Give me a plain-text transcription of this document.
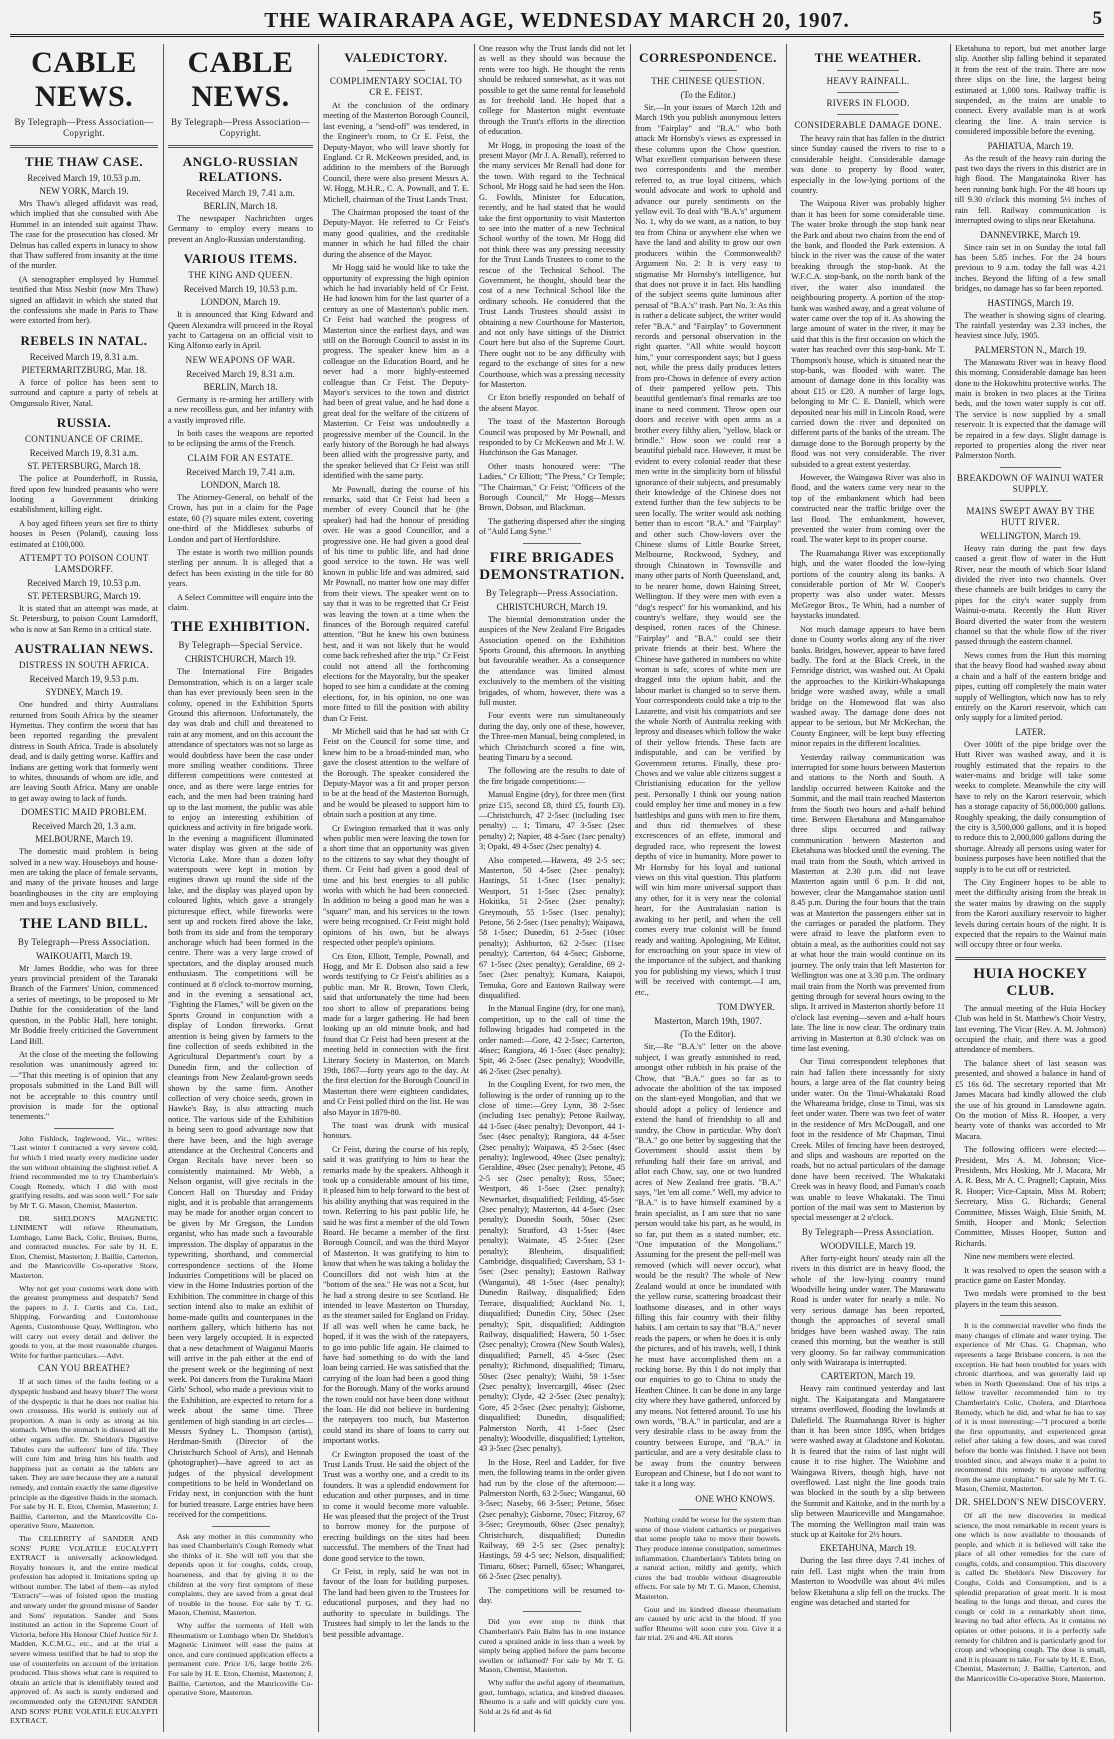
THE WAIRARAPA AGE, WEDNESDAY MARCH 20, 1907.	5
CABLE NEWS.
By Telegraph—Press Association—Copyright.
THE THAW CASE.
Received March 19, 10.53 p.m.
NEW YORK, March 19.

Mrs Thaw's alleged affidavit was read, which implied that she consulted with Abe Hummel in an intended suit against Thaw. The case for the prosecution has closed. Mr Delmas has called experts in lunacy to show that Thaw suffered from insanity at the time of the murder.

(A stenographer employed by Hummel testified that Miss Nesbit (now Mrs Thaw) signed an affidavit in which she stated that the confessions she made in Paris to Thaw were extorted from her).

REBELS IN NATAL.
Received March 19, 8.31 a.m.
PIETERMARITZBURG, Mar. 18.

A force of police has been sent to surround and capture a party of rebels at Omgunsulo River, Natal.

RUSSIA.
CONTINUANCE OF CRIME.
Received March 19, 8.31 a.m.
ST. PETERSBURG, March 18.

The police at Pounderhoff, in Russia, fired upon few hundred peasants who were looting a Government drinking establishment, killing eight.

A boy aged fifteen years set fire to thirty houses in Pesen (Poland), causing loss estimated at £100,000.

ATTEMPT TO POISON COUNT LAMSDORFF.
Received March 19, 10.53 p.m.
ST. PETERSBURG, March 19.

It is stated that an attempt was made, at St. Petersburg, to poison Count Lamsdorff, who is now at San Remo in a critical state.

AUSTRALIAN NEWS.
DISTRESS IN SOUTH AFRICA.
Received March 19, 9.53 p.m.
SYDNEY, March 19.

One hundred and thirty Australians returned from South Africa by the steamer Hymettus. They confirm the worst that has been reported regarding the prevalent distress in South Africa. Trade is absolutely dead, and is daily getting worse. Kaffirs and Indians are getting work that formerly went to whites, thousands of whom are idle, and are leaving South Africa. Many are unable to get away owing to lack of funds.

DOMESTIC MAID PROBLEM.
Received March 20, 1.3 a.m.
MELBOURNE, March 19.

The domestic maid problem is being solved in a new way. Houseboys and house-men are taking the place of female servants, and many of the private houses and large boardinghouses in the city are employing men and boys exclusively.

THE LAND BILL.
By Telegraph—Press Association.
WAIKOUAITI, March 19.

Mr James Boddie, who was for three years provincial president of the Taranaki Branch of the Farmers' Union, commenced a series of meetings, to be proposed to Mr Duthie for the consideration of the land question, in the Public Hall, here tonight. Mr Boddie freely criticised the Government Land Bill.

At the close of the meeting the following resolution was unanimously agreed to:—"That this meeting is of opinion that any proposals submitted in the Land Bill will not be acceptable to this country until provision is made for the optional tenements."

John Fishlock, Inglewood, Vic., writes: "Last winter I contracted a very severe cold, for which I tried nearly every medicine under the sun without obtaining the slightest relief. A friend recommended me to try Chamberlain's Cough Remedy, which I did with most gratifying results, and was soon well." For sale by Mr T. G. Mason, Chemist, Masterton.

DR. SHELDON'S MAGNETIC LINIMENT will relieve Rheumatism, Lumbago, Lame Back, Colic, Bruises, Burns, and contracted muscles. For sale by H. E. Eton, Chemist, Masterton; J. Baillie, Carterton, and the Manricoville Co-operative Store, Masterton.

Why not get your customs work done with the greatest promptness and despatch? Send the papers to J. J. Curtis and Co. Ltd., Shipping, Forwarding and Customhouse Agents, Customhouse Quay, Wellington, who will carry out every detail and deliver the goods to you, at the most reasonable charges. Write for further particulars.—Advt.

CAN YOU BREATHE?

If at such times of the faults feeling or a dyspeptic husband and heavy bluer? The worst of the dyspeptic is that he does not realise his own crossness. His world is entirely out of proportion. A man is only as strong as his stomach. When the stomach is diseased all the other organs suffer. Dr. Sheldon's Digestive Tabules cure the sufferers' lure of life. They will cure him and bring him his health and happiness just as certain as the tablets are taken. They are sure because they are a natural remedy, and contain exactly the same digestive principle as the digestive fluids in the stomach. For sale by H. E. Eton, Chemist, Masterton; J. Baillie, Carterton, and the Manricoville Co-operative Store, Masterton.

The CELEBRITY of SANDER AND SONS' PURE VOLATILE EUCALYPTI EXTRACT is universally acknowledged. Royalty honours it, and the entire medical profession has adopted it. Imitations spring up without number. The label of them—as styled "Extracts"—was of foisted upon the trusting and unwary under the ground misuse of Sander and Sons' reputation. Sander and Sons instituted an action in the Supreme Court of Victoria, before His Honour Chief Justice Sir J. Madden, K.C.M.G., etc., and at the trial a severe witness testified that he had to stop the use of counterfeits on account of the irritation produced. Thus shows what care is required to obtain an article that is identifiably tested and approved of. As such is surely endorsed and recommended only the GENUINE SANDER AND SONS' PURE VOLATILE EUCALYPTI EXTRACT.

CABLE NEWS.
By Telegraph—Press Association—Copyright.
ANGLO-RUSSIAN RELATIONS.
Received March 19, 7.41 a.m.
BERLIN, March 18.

The newspaper Nachrichten urges Germany to employ every means to prevent an Anglo-Russian understanding.

VARIOUS ITEMS.
THE KING AND QUEEN.
Received March 19, 10.53 p.m.
LONDON, March 19.

It is announced that King Edward and Queen Alexandra will proceed in the Royal yacht to Cartagena on an official visit to King Alfonso early in April.

NEW WEAPONS OF WAR.
Received March 19, 8.31 a.m.
BERLIN, March 18.

Germany is re-arming her artillery with a new recoilless gun, and her infantry with a vastly improved rifle.

In both cases the weapons are reported to be eclipsing the arms of the French.

CLAIM FOR AN ESTATE.
Received March 19, 7.41 a.m.
LONDON, March 18.

The Attorney-General, on behalf of the Crown, has put in a claim for the Page estate, 60 (?) square miles extent, covering one-third of the Middlesex suburbs of London and part of Hertfordshire.

The estate is worth two million pounds sterling per annum. It is alleged that a defect has been existing in the title for 80 years.

A Select Committee will enquire into the claim.

THE EXHIBITION.
By Telegraph—Special Service.
CHRISTCHURCH, March 19.

The International Fire Brigades Demonstration, which is on a larger scale than has ever previously been seen in the colony, opened in the Exhibition Sports Ground this afternoon. Unfortunately, the day was drab and chill and threatened to rain at any moment, and on this account the attendance of spectators was not so large as would doubtless have been the case under more smiling weather conditions. Three different competitions were contested at once, and as there were large entries for each, and the men had been training hard up to the last moment, the public was able to enjoy an interesting exhibition of quickness and activity in fire brigade work. In the evening a magnificent illuminated water display was given at the side of Victoria Lake. More than a dozen lofty waterspouts were kept in motion by engines drawn up round the side of the lake, and the display was played upon by coloured lights, which gave a strangely picturesque effect, while fireworks were sent up and rockets fired above the lake, both from its side and from the temporary anchorage which had been formed in the centre. There was a very large crowd of spectators, and the display aroused much enthusiasm. The competitions will be continued at 8 o'clock to-morrow morning, and in the evening a sensational act, "Fighting the Flames," will be given on the Sports Ground in conjunction with a display of London fireworks. Great attention is being given by farmers to the fine collection of seeds exhibited in the Agricultural Department's court by a Dunedin firm, and the collection of cleanings from New Zealand-grown seeds shown by the same firm. Another collection of very choice seeds, grown in Hawke's Bay, is also attracting much notice. The various side of the Exhibition is being seen to good advantage now that there have been, and the high average attendance at the Orchestral Concerts and Organ Recitals have never been so consistently maintained. Mr Webb, a Nelson organist, will give recitals in the Concert Hall on Thursday and Friday night, and it is probable that arrangements may be made for another organ concert to be given by Mr Gregson, the London organist, who has made such a favourable impression. The display of apparatus in the typewriting, shorthand, and commercial correspondence sections of the Home Industries Competitions will be placed on view in the Home Industries portion of the Exhibition. The committee in charge of this section intend also to make an exhibit of home-made quilts and counterpanes in the northern gallery, which hitherto has not been very largely occupied. It is expected that a new detachment of Waiganui Maoris will arrive in the pah either at the end of the present week or the beginning of next week. Poi dancers from the Turakina Maori Girls' School, who made a previous visit to the Exhibition, are expected to return for a week about the same time. Three gentlemen of high standing in art circles—Messrs Sydney L. Thompson (artist), Herdman-Smith (Director of the Christchurch School of Arts), and Hennah (photographer)—have agreed to act as judges of the physical development competitions to be held in Wonderland on Friday next, in conjunction with the hunt for buried treasure. Large entries have been received for the competitions.

Ask any mother in this community who has used Chamberlain's Cough Remedy what she thinks of it. She will tell you that she depends upon it for coughs, colds, croup, hoarseness, and that by giving it to the children at the very first symptom of these complaints, they are saved from a great deal of trouble in the house. For sale by T. G. Mason, Chemist, Masterton.

Why suffer the torments of Hell with Rheumatism or Lumbago when Dr. Sheldon's Magnetic Liniment will ease the pains at once, and cure continued application effects a permanent cure. Price 1/6, large bottle 2/6. For sale by H. E. Eton, Chemist, Masterton; J. Baillie, Carterton, and the Manricoville Co-operative Store, Masterton.

VALEDICTORY.
COMPLIMENTARY SOCIAL TO CR E. FEIST.

At the conclusion of the ordinary meeting of the Masterton Borough Council, last evening, a "send-off" was tendered, in the Engineer's room, to Cr E. Feist, the Deputy-Mayor, who will leave shortly for England. Cr R. McKeown presided, and, in addition to the members of the Borough Council, there were also present Messrs A. W. Hogg, M.H.R., C. A. Pownall, and T. E. Michell, chairman of the Trust Lands Trust.

The Chairman proposed the toast of the Deputy-Mayor. He referred to Cr Feist's many good qualities, and the creditable manner in which he had filled the chair during the absence of the Mayor.

Mr Hogg said he would like to take the opportunity of expressing the high opinion which he had invariably held of Cr Feist. He had known him for the last quarter of a century as one of Masterton's public men. Cr Feist had watched the progress of Masterton since the earliest days, and was still on the Borough Council to assist in its progress. The speaker knew him as a colleague on the Education Board, and he never had a more highly-esteemed colleague than Cr Feist. The Deputy-Mayor's services to the town and district had been of great value, and he had done a great deal for the welfare of the citizens of Masterton. Cr Feist was undoubtedly a progressive member of the Council. In the early history of the Borough he had always been allied with the progressive party, and the speaker believed that Cr Feist was still identified with the same party.

Mr Pownall, during the course of his remarks, said that Cr Feist had been a member of every Council that he (the speaker) had had the honour of presiding over. He was a good Councillor, and a progressive one. He had given a good deal of his time to public life, and had done good service to the town. He was well known in public life and was admired, said Mr Pownall, no matter how one may differ from their views. The speaker went on to say that it was to be regretted that Cr Feist was leaving the town at a time when the finances of the Borough required careful attention. "But he knew his own business best, and it was not likely that he would come back refreshed after the trip." Cr Feist could not attend all the forthcoming elections for the Mayoralty, but the speaker hoped to see him a candidate at the coming elections, for, in his opinion, no one was more fitted to fill the position with ability than Cr Feist.

Mr Michell said that he had sat with Cr Feist on the Council for some time, and knew him to be a broad-minded man, who gave the closest attention to the welfare of the Borough. The speaker considered the Deputy-Mayor was a fit and proper person to be at the head of the Masterton Borough, and he would be pleased to support him to obtain such a position at any time.

Cr Ewington remarked that it was only when public men were leaving the town for a short time that an opportunity was given to the citizens to say what they thought of them. Cr Feist had given a good deal of time and his best energies to all public works with which he had been connected. In addition to being a good man he was a "square" man, and his services to the town were being recognised. Cr Feist might hold opinions of his own, but he always respected other people's opinions.

Crs Eton, Elliott, Temple, Pownall, and Hogg, and Mr E. Dobson also said a few words testifying to Cr Feist's abilities as a public man. Mr R. Brown, Town Clerk, said that unfortunately the time had been too short to allow of preparations being made for a larger gathering. He had been looking up an old minute book, and had found that Cr Feist had been present at the meeting held in connection with the first Literary Society in Masterton, on March 19th, 1867—forty years ago to the day. At the first election for the Borough Council in Masterton there were eighteen candidates, and Cr Feist polled third on the list. He was also Mayor in 1879-80.

The toast was drunk with musical honours.

Cr Feist, during the course of his reply, said it was gratifying to him to hear the remarks made by the speakers. Although it took up a considerable amount of his time, it pleased him to help forward to the best of his ability anything that was required in the town. Referring to his past public life, he said he was first a member of the old Town Board. He became a member of the first Borough Council, and was the third Mayor of Masterton. It was gratifying to him to know that when he was taking a holiday the Councillors did not wish him at the "bottom of the sea." He was not a Scot, but he had a strong desire to see Scotland. He intended to leave Masterton on Thursday, as the steamer sailed for England on Friday. If all was well when he came back, he hoped, if it was the wish of the ratepayers, to go into public life again. He claimed to have had something to do with the land loan being carried. He was satisfied that the carrying of the loan had been a good thing for the Borough. Many of the works around the town could not have been done without the loan. He did not believe in burdening the ratepayers too much, but Masterton could stand its share of loans to carry out important works.

Cr Ewington proposed the toast of the Trust Lands Trust. He said the object of the Trust was a worthy one, and a credit to its founders. It was a splendid endowment for education and other purposes, and in time to come it would become more valuable. He was pleased that the project of the Trust to borrow money for the purpose of erecting buildings on the sites had been successful. The members of the Trust had done good service to the town.

Cr Feist, in reply, said he was not in favour of the loan for building purposes. The land had been given to the Trustees for educational purposes, and they had no authority to speculate in buildings. The Trustees had simply to let the lands to the best possible advantage.

One reason why the Trust lands did not let as well as they should was because the rents were too high. He thought the rents should be reduced somewhat, as it was not possible to get the same rental for leasehold as for freehold land. He hoped that a college for Masterton might eventuate through the Trust's efforts in the direction of education.

Mr Hogg, in proposing the toast of the present Mayor (Mr J. A. Renall), referred to the many services Mr Renall had done for the town. With regard to the Technical School, Mr Hogg said he had seen the Hon. G. Fowlds, Minister for Education, recently, and he had stated that he would take the first opportunity to visit Masterton to see into the matter of a new Technical School worthy of the town. Mr Hogg did not think there was any pressing necessity for the Trust Lands Trustees to come to the rescue of the Technical School. The Government, he thought, should bear the cost of a new Technical School like the ordinary schools. He considered that the Trust Lands Trustees should assist in obtaining a new Courthouse for Masterton, and not only have sittings of the District Court here but also of the Supreme Court. There ought not to be any difficulty with regard to the exchange of sites for a new Courthouse, which was a pressing necessity for Masterton.

Cr Eton briefly responded on behalf of the absent Mayor.

The toast of the Masterton Borough Council was proposed by Mr Pownall, and responded to by Cr McKeown and Mr J. W. Hutchinson the Gas Manager.

Other toasts honoured were: "The Ladies," Cr Elliott; "The Press," Cr Temple; "The Chairman," Cr Feist; "Officers of the Borough Council," Mr Hogg—Messrs Brown, Dobson, and Blackman.

The gathering dispersed after the singing of "Auld Lang Syne."

FIRE BRIGADES DEMONSTRATION.
By Telegraph—Press Association.
CHRISTCHURCH, March 19.

The biennial demonstration under the auspices of the New Zealand Fire Brigades Association opened on the Exhibition Sports Ground, this afternoon. In anything but favourable weather. As a consequence the attendance was limited almost exclusively to the members of the visiting brigades, of whom, however, there was a full muster.

Four events were run simultaneously during the day, only one of these, however, the Three-men Manual, being completed, in which Christchurch scored a fine win, beating Timaru by a second.

The following are the results to date of the fire brigade competitions:—

Manual Engine (dry), for three men (first prize £15, second £8, third £5, fourth £3).—Christchurch, 47 2-5sec (including 1sec penalty) ... 1; Timaru, 47 3-5sec (2sec penalty) 2; Napier, 48 4-5sec (1sec penalty) 3; Opaki, 49 4-5sec (2sec penalty) 4.

Also competed.—Hawera, 49 2-5 sec; Masterton, 50 4-5sec (2sec penalty); Hastings, 51 1-5sec (1sec penalty); Westport, 51 1-5sec (2sec penalty); Hokitika, 51 2-5sec (2sec penalty); Greymouth, 55 1-5sec (1sec penalty); Petone, 56 2-5sec (1sec penalty); Waipawa, 58 1-5sec; Dunedin, 61 2-5sec (10sec penalty); Ashburton, 62 2-5sec (11sec penalty); Carterton, 64 4-5sec; Gisborne, 67 1-5sec (2sec penalty); Geraldine, 69 2-5sec (2sec penalty); Kumara, Kaiapoi, Temuka, Gore and Eastown Railway were disqualified.

In the Manual Engine (dry, for one man), competition, up to the call of time the following brigades had competed in the order named:—Gore, 42 2-5sec; Carterton, 46sec; Rangiora, 46 1-5sec (4sec penalty); Spit, 46 2-5sec (2sec penalty); Woodville, 46 2-5sec (2sec penalty).

In the Coupling Event, for two men, the following is the order of running up to the close of time:—Grey Lynn, 38 2-5sec (including 1sec penalty); Petone Railway, 44 1-5sec (4sec penalty); Devonport, 44 1-5sec (4sec penalty); Rangiora, 44 4-5sec (2sec penalty); Waipawa, 45 2-5sec (4sec penalty); Inglewood, 49sec (2sec penalty); Geraldine, 49sec (2sec penalty); Petone, 45 2-5 sec (2sec penalty); Ross, 55sec; Westport, 46 1-5sec (2sec penalty); Newmarket, disqualified; Feilding, 45-5sec (2sec penalty); Masterton, 44 4-5sec (2sec penalty); Dunedin South, 50sec (2sec penalty); Stratford, 43 1-5sec (4sec penalty); Waimate, 45 2-5sec (2sec penalty); Blenheim, disqualified; Cambridge, disqualified; Caversham, 53 1-5sec (2sec penalty); Eastown Railway (Wanganui), 48 1-5sec (4sec penalty); Dunedin Railway, disqualified; Eden Terrace, disqualified; Auckland No. 1, disqualified; Dunedin City, 50sec (2sec penalty); Spit, disqualified; Addington Railway, disqualified; Hawera, 50 1-5sec (2sec penalty); Crowra (New South Wales), disqualified; Parnell, 45 4-5sec (2sec penalty); Richmond, disqualified; Timaru, 50sec (2sec penalty); Waihi, 59 1-5sec (2sec penalty); Invercargill, 46sec (2sec penalty); Clyde, 42 2-5sec (2sec penalty); Gore, 45 2-5sec (2sec penalty); Gisborne, disqualified; Dunedin, disqualified; Palmerston North, 41 1-5sec (2sec penalty); Woodville, disqualified; Lyttelton, 43 3-5sec (2sec penalty).

In the Hose, Reel and Ladder, for five men, the following teams in the order given had run by the close of the afternoon:—Palmerston North, 63 2-5sec; Wanganui, 60 3-5sec; Naseby, 66 3-5sec; Petone, 56sec (2sec penalty); Gisborne, 70sec; Fitzroy, 67 3-5sec; Greymouth, 60sec (2sec penalty); Christchurch, disqualified; Dunedin Railway, 69 2-5 sec (2sec penalty); Hastings, 59 4-5 sec; Nelson, disqualified; Timaru, 60sec; Parnell, 65sec; Whangarei, 66 2-5sec (2sec penalty).

The competitions will be resumed to-day.

Did you ever stop to think that Chamberlain's Pain Balm has in one instance cured a sprained ankle in less than a week by simply being applied before the parts become swollen or inflamed? For sale by Mr T. G. Mason, Chemist, Masterton.

Why suffer the awful agony of rheumatism, gout, lumbago, sciatica, and kindred diseases. Rheumo is a safe and will quickly cure you. Sold at 2s 6d and 4s 6d

CORRESPONDENCE.
THE CHINESE QUESTION.
(To the Editor.)

Sir,—In your issues of March 12th and March 19th you publish anonymous letters from "Fairplay" and "B.A." who both attack Mr Hornsby's views as expressed in these columns upon the Chow question. What excellent comparison between these two correspondents and the member referred to, as true loyal citizens, which would advocate and work to uphold and advance our purely sentiments on the yellow evil. To deal with "B.A.'s" argument No. 1, why do we want, as a nation, to buy tea from China or anywhere else when we have the land and ability to grow our own producers within the Commonwealth? Argument No. 2: It is very easy to stigmatise Mr Hornsby's intelligence, but that does not prove it in fact. His handling of the subject seems quite luminous after perusal of "B.A.'s" trash. Part No. 3: As this is rather a delicate subject, the writer would refer "B.A." and "Fairplay" to Government records and personal observation in the right quarter. "All white would boycott him," your correspondent says; but I guess not, while the press daily produces letters from pro-Chows in defence of every action of their pampered yellow pets. This beautiful gentleman's final remarks are too inane to need comment. Throw open our doors and receive with open arms as a brother every filthy alien, "yellow, black or brindle." How soon we could rear a beautiful piebald race. However, it must be evident to every colonial reader that these men write in the simplicity born of blissful ignorance of their subjects, and presumably their knowledge of the Chinese does not extend further than the few subjects to be seen locally. The writer would ask nothing better than to escort "B.A." and "Fairplay" and other such Chow-lovers over the Chinese slums of Little Bourke Street, Melbourne, Rockwood, Sydney, and through Chinatown in Townsville and many other parts of North Queensland, and, to be nearer home, down Haining Street, Wellington. If they were men with even a "dog's respect" for his womankind, and his country's welfare, they would see the despised, rotten races of the Chinese. "Fairplay" and "B.A." could see their private friends at their best. Where the Chinese have gathered in numbers no white woman is safe, scores of white men are dragged into the opium habit, and the labour market is changed so to serve them. Your correspondents could take a trip to the Lazarette, and visit his compatriots and see the whole North of Australia reeking with leprosy and diseases which follow the wake of their yellow friends. These facts are indisputable, and can be verified by Government returns. Finally, these pro-Chows and we value able citizens suggest a Christianising education for the yellow pest. Personally I think our young nation could employ her time and money in a few battleships and guns with men to fire them, and thus rid themselves of these excrescences of an effete, immoral and degraded race, who represent the lowest depths of vice in humanity. More power to Mr Hornsby for his loyal and national views on this vital question. This platform will win him more universal support than any other, for it is very near the colonial heart, for the Australasian nation is awaking to her peril, and when the cell comes every true colonist will be found ready and waiting. Apologising, Mr Editor, for encroaching on your space in view of the importance of the subject, and thanking you for publishing my views, which I trust will be received with contempt.—I am, etc.,

TOM DWYER.
Masterton, March 19th, 1907.
(To the Editor).

Sir,—Re "B.A.'s" letter on the above subject, I was greatly astonished to read, amongst other rubbish in his praise of the Chow, that "B.A." goes so far as to advocate the abolition of the tax imposed on the slant-eyed Mongolian, and that we should adopt a policy of lenience and extend the hand of friendship to all and sundry, the Chow in particular. Why don't "B.A." go one better by suggesting that the Government should assist them by refunding half their fare on arrival, and allot each Chow, say, one or two hundred acres of New Zealand free gratis. "B.A." says, "let 'em all come." Well, my advice to "B.A." is to have himself examined by a brain specialist, as I am sure that no sane person would take his part, as he would, in so far, put them as a stated number, etc. "One imputation of the Mongolians." Assuming for the present the pell-mell was removed (which will never occur), what would be the result? The whole of New Zealand would at once be inundated with the yellow curse, scattering broadcast their loathsome diseases, and in other ways filling this fair country with their filthy habits. I am certain to say that "B.A." never reads the papers, or when he does it is only the pictures, and of his travels, well, I think he must have accomplished them on a rocking horse. By this I do not imply that our enquiries to go to China to study the Heathen Chinee. It can be done in any large city where they have gathered, unforced by any means. Not fettered around. To use his own words, "B.A." in particular, and are a very desirable class to be away from the country between Europe, and "B.A." in particular, and are a very desirable class to be away from the country between European and Chinese, but I do not want to take it a long way.

ONE WHO KNOWS.

Nothing could be worse for the system than some of those violent cathartics or purgatives that some people take to move their bowels. They produce intense constipation, sometimes inflammation. Chamberlain's Tablets bring on a natural action, mildly and gently, which cures the bad trouble without disagreeable effects. For sale by Mr T. G. Mason, Chemist, Masterton.

Gout and its kindred disease rheumatism are caused by uric acid in the blood. If you suffer Rheumo will soon cure you. Give it a fair trial. 2/6 and 4/6. All stores

THE WEATHER.
HEAVY RAINFALL.
RIVERS IN FLOOD.
CONSIDERABLE DAMAGE DONE.

The heavy rain that has fallen in the district since Sunday caused the rivers to rise to a considerable height. Considerable damage was done to property by flood water, especially in the low-lying portions of the country.

The Waipoua River was probably higher than it has been for some considerable time. The water broke through the stop bank near the Park and about two chains from the end of the bank, and flooded the Park extension. A block in the river was the cause of the water breaking through the stop-bank. At the W.F.C.A. stop-bank, on the north bank of the river, the water also inundated the neighbouring property. A portion of the stop-bank was washed away, and a great volume of water came over the top of it. As showing the large amount of water in the river, it may be said that this is the first occasion on which the water has reached over this stop-bank. Mr T. Thompson's house, which is situated near the stop-bank, was flooded with water. The amount of damage done in this locality was about £15 or £20. A number of large logs, belonging to Mr C. E. Daniell, which were deposited near his mill in Lincoln Road, were carried down the river and deposited on different parts of the banks of the stream. The damage done to the Borough property by the flood was not very considerable. The river subsided to a great extent yesterday.

However, the Waingawa River was also in flood, and the waters came very near to the top of the embankment which had been constructed near the traffic bridge over the last flood. The embankment, however, prevented the water from coming over the road. The water kept to its proper course.

The Ruamahanga River was exceptionally high, and the water flooded the low-lying portions of the country along its banks. A considerable portion of Mr W. Cooper's property was also under water. Messrs McGregor Bros., Te Whiti, had a number of haystacks inundated.

Not much damage appears to have been done to County works along any of the river banks. Bridges, however, appear to have fared badly. The ford at the Black Creek, in the Fernridge district, was washed out. At Opaki the approaches to the Kirikiri-Whakapunga bridge were washed away, while a small bridge on the Homewood flat was also washed away. The damage done does not appear to be serious, but Mr McKechan, the County Engineer, will be kept busy effecting minor repairs in the different localities.

Yesterday railway communication was interrupted for some hours between Masterton and stations to the North and South. A landslip occurred between Kaitoke and the Summit, and the mail train reached Masterton from the South two hours and a-half behind time. Between Eketahuna and Mangamahoe three slips occurred and railway communication between Masterton and Eketahuna was blocked until the evening. The mail train from the South, which arrived in Masterton at 2.30 p.m. did not leave Masterton again until 6 p.m. It did not, however, clear the Mangamahoe station until 8.45 p.m. During the four hours that the train was at Masterton the passengers either sat in the carriages or paraded the platform. They were afraid to leave the platform even to obtain a meal, as the authorities could not say at what hour the train would continue on its journey. The only train that left Masterton for Wellington was one at 3.30 p.m. The ordinary mail train from the North was prevented from getting through for several hours owing to the slips. It arrived in Masterton shortly before 11 o'clock last evening—seven and a-half hours late. The line is now clear. The ordinary train arriving in Masterton at 8.30 o'clock was on time last evening.

Our Tinui correspondent telephones that rain had fallen there incessantly for sixty hours, a large area of the flat country being under water. On the Tinui-Whakataki Road the Whareama bridge, close to Tinui, was six feet under water. There was two feet of water in the residence of Mrs McDougall, and one foot in the residence of Mr Chapman, Tinui Creek. Miles of fencing have been destroyed, and slips and washouts are reported on the roads, but no actual particulars of the damage done have been received. The Whakataki Creek was in heavy flood, and Fuman's coach was unable to leave Whakataki. The Tinui portion of the mail was sent to Masterton by special messenger at 2 o'clock.

By Telegraph—Press Association.
WOODVILLE, March 19.

After forty-eight hours' steady rain all the rivers in this district are in heavy flood, the whole of the low-lying country round Woodville being under water. The Manawatu Road is under water for nearly a mile. No very serious damage has been reported, though the approaches of several small bridges have been washed away. The rain ceased this morning, but the weather is still very gloomy. So far railway communication only with Wairarapa is interrupted.

CARTERTON, March 19.

Heavy rain continued yesterday and last night. The Kaipatangata and Mangatarere streams overflowed, flooding the lowlands at Dalefield. The Ruamahanga River is higher than it has been since 1895, when bridges were washed away at Gladstone and Kokotau. It is feared that the rains of last night will cause it to rise higher. The Waiohine and Waingawa Rivers, though high, have not overflowed. Last night the line goods train was blocked in the south by a slip between the Summit and Kaitoke, and in the north by a slip between Mauriceville and Mangamahoe. The morning the Wellington mail train was stuck up at Kaitoke for 2½ hours.

EKETAHUNA, March 19.

During the last three days 7.41 inches of rain fell. Last night when the train from Masterton to Woodville was about 4½ miles below Eketahuna a slip fell on the trucks. The engine was detached and started for

Eketahuna to report, but met another large slip. Another slip falling behind it separated it from the rest of the train. There are now three slips on the line, the largest being estimated at 1,000 tons. Railway traffic is suspended, as the trains are unable to connect. Every available man is at work clearing the line. A train service is considered impossible before the evening.

PAHIATUA, March 19.

As the result of the heavy rain during the past two days the rivers in this district are in high flood. The Mangatainoka River has been running bank high. For the 48 hours up till 9.30 o'clock this morning 5½ inches of rain fell. Railway communication is interrupted owing to slips near Eketahuna.

DANNEVIRKE, March 19.

Since rain set in on Sunday the total fall has been 5.85 inches. For the 24 hours previous to 9 a.m. today the fall was 4.21 inches. Beyond the lifting of a few small bridges, no damage has so far been reported.

HASTINGS, March 19.

The weather is showing signs of clearing. The rainfall yesterday was 2.33 inches, the heaviest since July, 1905.

PALMERSTON N., March 19.

The Manawatu River was in heavy flood this morning. Considerable damage has been done to the Hokowhitu protective works. The main is broken in two places at the Tiritea beds, and the town water supply is cut off. The service is now supplied by a small reservoir. It is expected that the damage will be repaired in a few days. Slight damage is reported to properties along the river near Palmerston North.

BREAKDOWN OF WAINUI WATER SUPPLY.
MAINS SWEPT AWAY BY THE HUTT RIVER.
WELLINGTON, March 19.

Heavy rain during the past few days caused a great flow of water in the Hutt River, near the mouth of which Soar Island divided the river into two channels. Over these channels are built bridges to carry the pipes for the city's water supply from Wainui-o-mata. Recently the Hutt River Board diverted the water from the western channel so that the whole flow of the river passed through the eastern channel.

News comes from the Hutt this morning that the heavy flood had washed away about a chain and a half of the eastern bridge and pipes, cutting off completely the main water supply of Wellington, which now has to rely entirely on the Karori reservoir, which can only supply for a limited period.

LATER.

Over 100ft of the pipe bridge over the Hutt River was washed away, and it is roughly estimated that the repairs to the water-mains and bridge will take some weeks to complete. Meanwhile the city will have to rely on the Karori reservoir, which has a storage capacity of 56,000,000 gallons. Roughly speaking, the daily consumption of the city is 3,500,000 gallons, and it is hoped to reduce this to 2,000,000 gallons during the shortage. Already all persons using water for business purposes have been notified that the supply is to be cut off or restricted.

The City Engineer hopes to be able to meet the difficulty arising from the break in the water mains by drawing on the supply from the Karori auxiliary reservoir to higher levels during certain hours of the night. It is expected that the repairs to the Wainui main will occupy three or four weeks.

HUIA HOCKEY CLUB.

The annual meeting of the Huia Hockey Club was held in St. Matthew's Choir Vestry, last evening. The Vicar (Rev. A. M. Johnson) occupied the chair, and there was a good attendance of members.

The balance sheet of last season was presented, and showed a balance in hand of £5 16s 6d. The secretary reported that Mr James Macara had kindly allowed the club the use of his ground in Lansdowne again. On the motion of Miss R. Hooper, a very hearty vote of thanks was accorded to Mr Macara.

The following officers were elected:—President, Mrs A. M. Johnson; Vice-Presidents, Mrs Hosking, Mr J. Macara, Mr A. R. Bess, Mr A. C. Pragnell; Captain, Miss R. Hooper; Vice-Captain, Miss M. Robert; Secretary, Miss G. Richards; General Committee, Misses Waigh, Elsie Smith, M. Smith, Hooper and Monk; Selection Committee, Misses Hooper, Sutton and Richards.

Nine new members were elected.

It was resolved to open the season with a practice game on Easter Monday.

Two medals were promised to the best players in the team this season.

It is the commercial traveller who finds the many changes of climate and water trying. The experience of Mr Chas. G. Chapman, who represents a large Brisbane concern, is not the exception. He had been troubled for years with chronic diarrhoea, and was generally laid up when in North Queensland. One of his trips a fellow traveller recommended him to try Chamberlain's Colic, Cholera, and Diarrhoea Remedy, which he did, and what he has to say of it is most interesting:—"I procured a bottle the first opportunity, and experienced great relief after taking a few doses, and was cured before the bottle was finished. I have not been troubled since, and always make it a point to recommend this remedy to anyone suffering from the same complaint." For sale by Mr T. G. Mason, Chemist, Masterton.

DR. SHELDON'S NEW DISCOVERY.

Of all the new discoveries in medical science, the most remarkable in recent years is one which is now available to thousands of people, and which it is believed will take the place of all other remedies for the cure of coughs, colds, and consumption. This discovery is called Dr. Sheldon's New Discovery for Coughs, Colds and Consumption, and is a splendid preparation of great merit. It is most healing to the lungs and throat, and cures the cough or cold in a remarkably short time, leaving no bad after effects. As it contains no opiates or other poisons, it is a perfectly safe remedy for children and is particularly good for croup and whooping cough. The dose is small, and it is pleasant to take. For sale by H. E. Eton, Chemist, Masterton; J. Baillie, Carterton, and the Manricoville Co-operative Store, Masterton.
